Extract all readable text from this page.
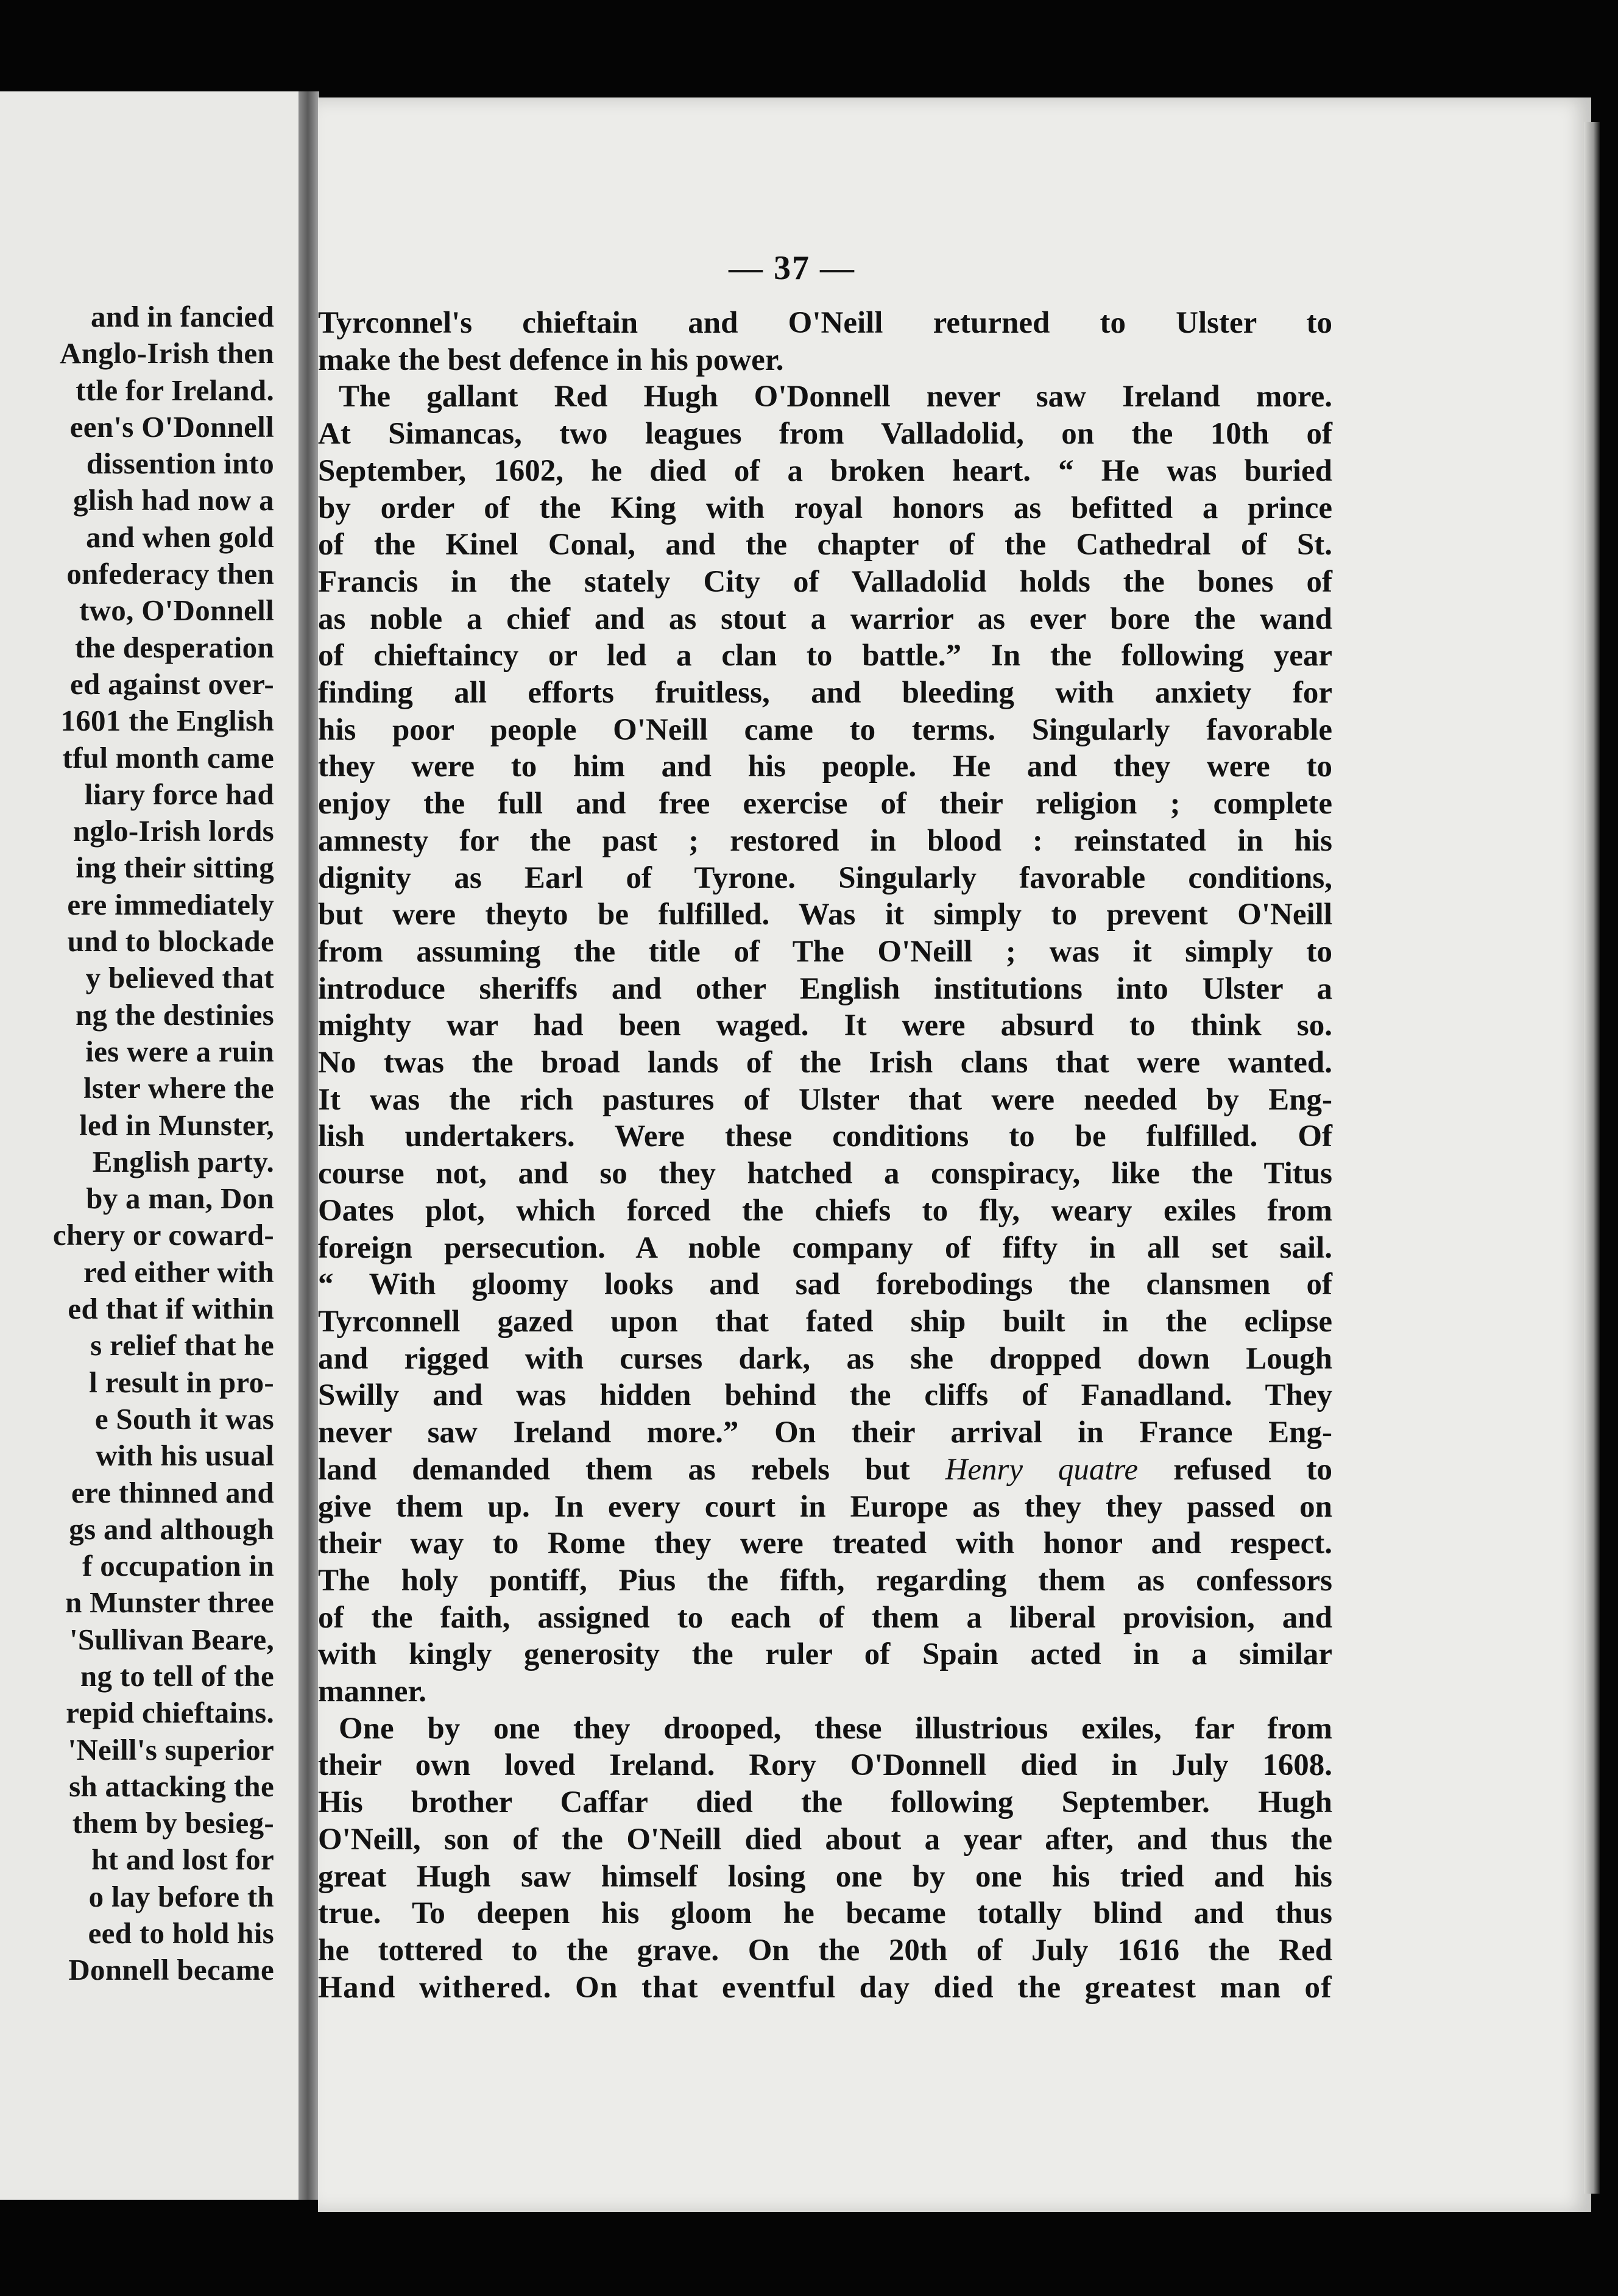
and in fancied
Anglo-Irish then
ttle for Ireland.
een's O'Donnell
dissention into
glish had now a
and when gold
onfederacy then
two, O'Donnell
the desperation
ed against over-
1601 the English
tful month came
liary force had
nglo-Irish lords
ing their sitting
ere immediately
und to blockade
y believed that
ng the destinies
ies were a ruin
lster where the
led in Munster,
English party.
by a man, Don
chery or coward-
red either with
ed that if within
s relief that he
l result in pro-
e South it was
with his usual
ere thinned and
gs and although
f occupation in
n Munster three
'Sullivan Beare,
ng to tell of the
repid chieftains.
'Neill's superior
sh attacking the
them by besieg-
ht and lost for
o lay before th
eed to hold his
Donnell became
— 37 —
Tyrconnel's chieftain and O'Neill returned to Ulster to
make the best defence in his power.
The gallant Red Hugh O'Donnell never saw Ireland more.
At Simancas, two leagues from Valladolid, on the 10th of
September, 1602, he died of a broken heart. “ He was buried
by order of the King with royal honors as befitted a prince
of the Kinel Conal, and the chapter of the Cathedral of St.
Francis in the stately City of Valladolid holds the bones of
as noble a chief and as stout a warrior as ever bore the wand
of chieftaincy or led a clan to battle.” In the following year
finding all efforts fruitless, and bleeding with anxiety for
his poor people O'Neill came to terms. Singularly favorable
they were to him and his people. He and they were to
enjoy the full and free exercise of their religion ; complete
amnesty for the past ; restored in blood : reinstated in his
dignity as Earl of Tyrone. Singularly favorable conditions,
but were theyto be fulfilled. Was it simply to prevent O'Neill
from assuming the title of The O'Neill ; was it simply to
introduce sheriffs and other English institutions into Ulster a
mighty war had been waged. It were absurd to think so.
No twas the broad lands of the Irish clans that were wanted.
It was the rich pastures of Ulster that were needed by Eng-
lish undertakers. Were these conditions to be fulfilled. Of
course not, and so they hatched a conspiracy, like the Titus
Oates plot, which forced the chiefs to fly, weary exiles from
foreign persecution. A noble company of fifty in all set sail.
“ With gloomy looks and sad forebodings the clansmen of
Tyrconnell gazed upon that fated ship built in the eclipse
and rigged with curses dark, as she dropped down Lough
Swilly and was hidden behind the cliffs of Fanadland. They
never saw Ireland more.” On their arrival in France Eng-
land demanded them as rebels but Henry quatre refused to
give them up. In every court in Europe as they they passed on
their way to Rome they were treated with honor and respect.
The holy pontiff, Pius the fifth, regarding them as confessors
of the faith, assigned to each of them a liberal provision, and
with kingly generosity the ruler of Spain acted in a similar
manner.
One by one they drooped, these illustrious exiles, far from
their own loved Ireland. Rory O'Donnell died in July 1608.
His brother Caffar died the following September. Hugh
O'Neill, son of the O'Neill died about a year after, and thus the
great Hugh saw himself losing one by one his tried and his
true. To deepen his gloom he became totally blind and thus
he tottered to the grave. On the 20th of July 1616 the Red
Hand withered. On that eventful day died the greatest man of
